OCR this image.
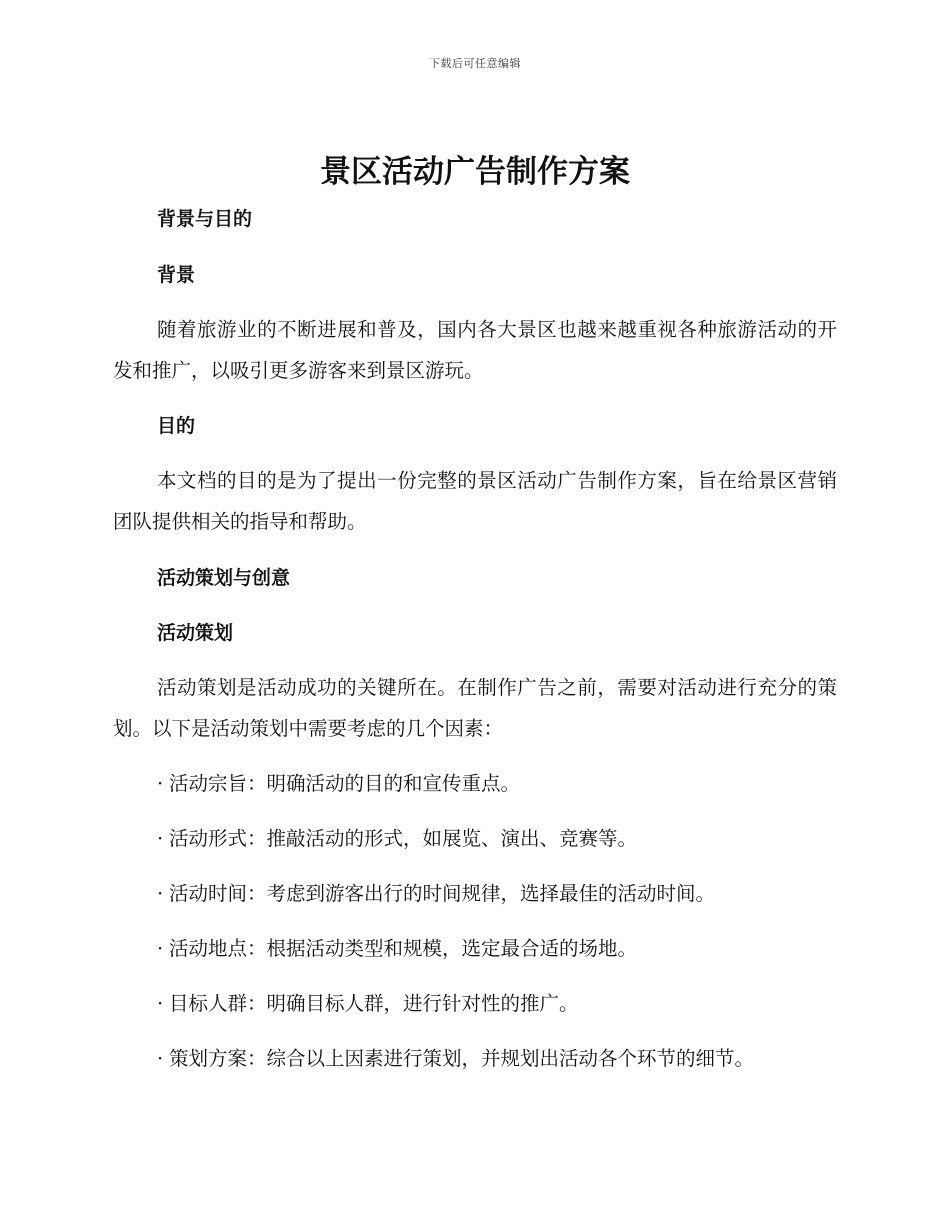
下载后可任意编辑
景区活动广告制作方案
背景与目的
背景

随着旅游业的不断进展和普及，国内各大景区也越来越重视各种旅游活动的开发和推广，以吸引更多游客来到景区游玩。

目的

本文档的目的是为了提出一份完整的景区活动广告制作方案，旨在给景区营销团队提供相关的指导和帮助。

活动策划与创意
活动策划

活动策划是活动成功的关键所在。在制作广告之前，需要对活动进行充分的策划。以下是活动策划中需要考虑的几个因素：

· 活动宗旨：明确活动的目的和宣传重点。
· 活动形式：推敲活动的形式，如展览、演出、竞赛等。
· 活动时间：考虑到游客出行的时间规律，选择最佳的活动时间。
· 活动地点：根据活动类型和规模，选定最合适的场地。
· 目标人群：明确目标人群，进行针对性的推广。
· 策划方案：综合以上因素进行策划，并规划出活动各个环节的细节。
